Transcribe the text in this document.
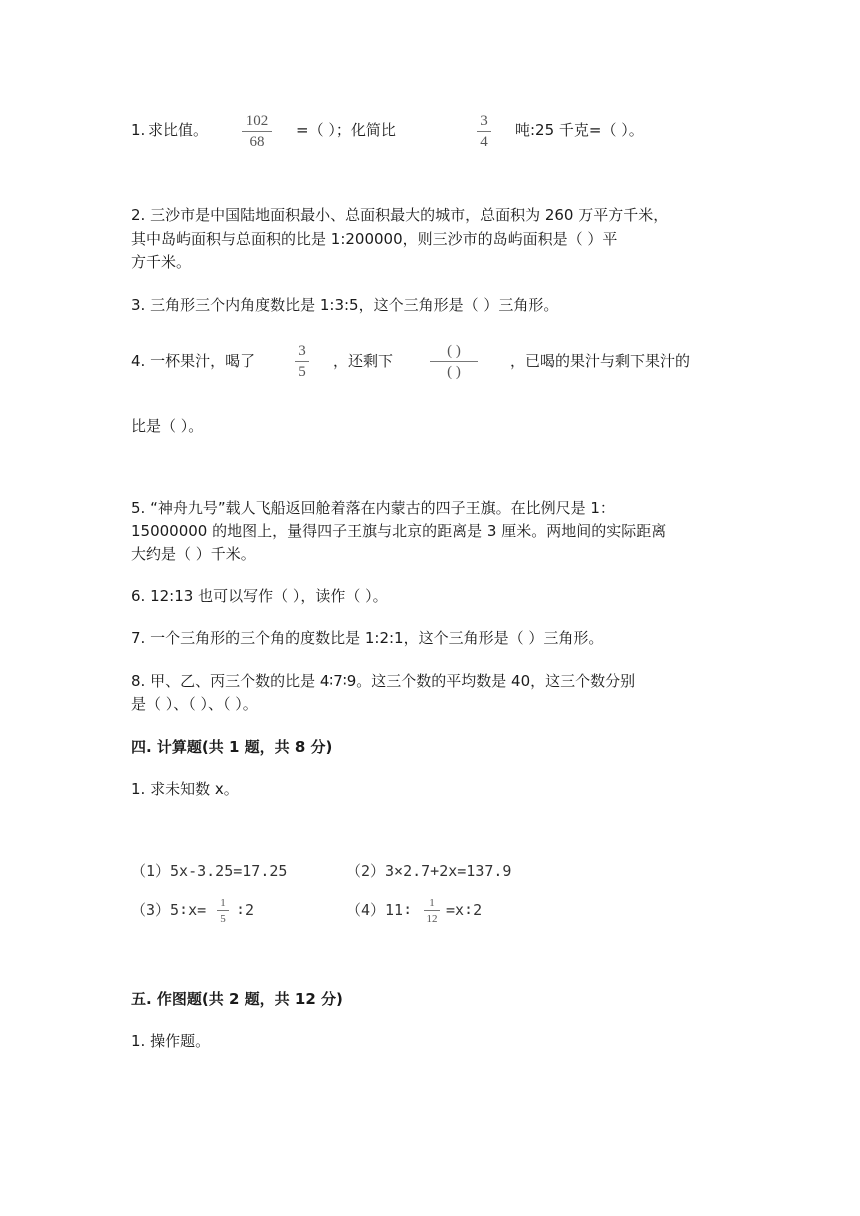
1. 求比值。	102
68
=（ ）；化简比	3
4
吨:25 千克=（ ）。
2. 三沙市是中国陆地面积最小、总面积最大的城市，总面积为 260 万平方千米，
其中岛屿面积与总面积的比是 1:200000，则三沙市的岛屿面积是（ ）平
方千米。
3. 三角形三个内角度数比是 1:3:5，这个三角形是（ ）三角形。
4. 一杯果汁，喝了
3
5
，还剩下
( )
( )
，已喝的果汁与剩下果汁的
比是（ ）。
5. “神舟九号”载人飞船返回舱着落在内蒙古的四子王旗。在比例尺是 1：
15000000 的地图上，量得四子王旗与北京的距离是 3 厘米。两地间的实际距离
大约是（ ）千米。
6. 12:13 也可以写作（ ），读作（ ）。
7. 一个三角形的三个角的度数比是 1:2:1，这个三角形是（ ）三角形。
8. 甲、乙、丙三个数的比是 4∶7∶9。这三个数的平均数是 40，这三个数分别
是（ ）、（ ）、（ ）。
四. 计算题(共 1 题，共 8 分)
1. 求未知数 x。
（1）5x-3.25=17.25	（2）3×2.7+2x=137.9
（3）5∶x= 1
5 ∶2	（4）11∶ 1
12 =x∶2
五. 作图题(共 2 题，共 12 分)
1. 操作题。
